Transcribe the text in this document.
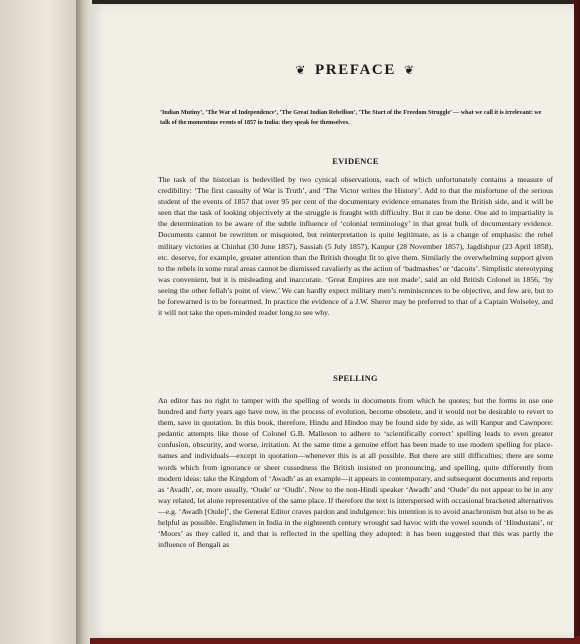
❦ PREFACE ❦
‘Indian Mutiny’, ‘The War of Independence’, ‘The Great Indian Rebellion’, ‘The Start of the Freedom Struggle’ — what we call it is irrelevant: we talk of the momentous events of 1857 in India: they speak for themselves.
EVIDENCE

The task of the historian is bedevilled by two cynical observations, each of which unfortunately contains a measure of credibility: ‘The first casualty of War is Truth’, and ‘The Victor writes the History’. Add to that the misfortune of the serious student of the events of 1857 that over 95 per cent of the documentary evidence emanates from the British side, and it will be seen that the task of looking objectively at the struggle is fraught with difficulty. But it can be done. One aid to impartiality is the determination to be aware of the subtle influence of ‘colonial terminology’ in that great bulk of documentary evidence. Documents cannot be rewritten or misquoted, but reinterpretation is quite legitimate, as is a change of emphasis: the rebel military victories at Chinhat (30 June 1857), Sassiah (5 July 1857), Kanpur (28 November 1857), Jagdishpur (23 April 1858), etc. deserve, for example, greater attention than the British thought fit to give them. Similarly the overwhelming support given to the rebels in some rural areas cannot be dismissed cavalierly as the action of ‘badmashes’ or ‘dacoits’. Simplistic stereotyping was convenient, but it is misleading and inaccurate. ‘Great Empires are not made’, said an old British Colonel in 1856, ‘by seeing the other fellah’s point of view.’ We can hardly expect military men’s reminiscences to be objective, and few are, but to be forewarned is to be forearmed. In practice the evidence of a J.W. Sherer may be preferred to that of a Captain Wolseley, and it will not take the open-minded reader long to see why.

SPELLING

An editor has no right to tamper with the spelling of words in documents from which he quotes; but the forms in use one hundred and forty years ago have now, in the process of evolution, become obsolete, and it would not be desirable to revert to them, save in quotation. In this book, therefore, Hindu and Hindoo may be found side by side, as will Kanpur and Cawnpore: pedantic attempts like those of Colonel G.B. Malleson to adhere to ‘scientifically correct’ spelling leads to even greater confusion, obscurity, and worse, irritation. At the same time a genuine effort has been made to use modern spelling for place-names and individuals—except in quotation—whenever this is at all possible. But there are still difficulties; there are some words which from ignorance or sheer cussedness the British insisted on pronouncing, and spelling, quite differently from modern ideas: take the Kingdom of ‘Awadh’ as an example—it appears in contemporary, and subsequent documents and reports as ‘Avadh’, or, more usually, ‘Oude’ or ‘Oudh’. Now to the non-Hindi speaker ‘Awadh’ and ‘Oude’ do not appear to be in any way related, let alone representative of the same place. If therefore the text is interspersed with occasional bracketed alternatives—e.g. ‘Awadh [Oude]’, the General Editor craves pardon and indulgence: his intention is to avoid anachronism but also to be as helpful as possible. Englishmen in India in the eighteenth century wrought sad havoc with the vowel sounds of ‘Hindustani’, or ‘Moors’ as they called it, and that is reflected in the spelling they adopted: it has been suggested that this was partly the influence of Bengali as
